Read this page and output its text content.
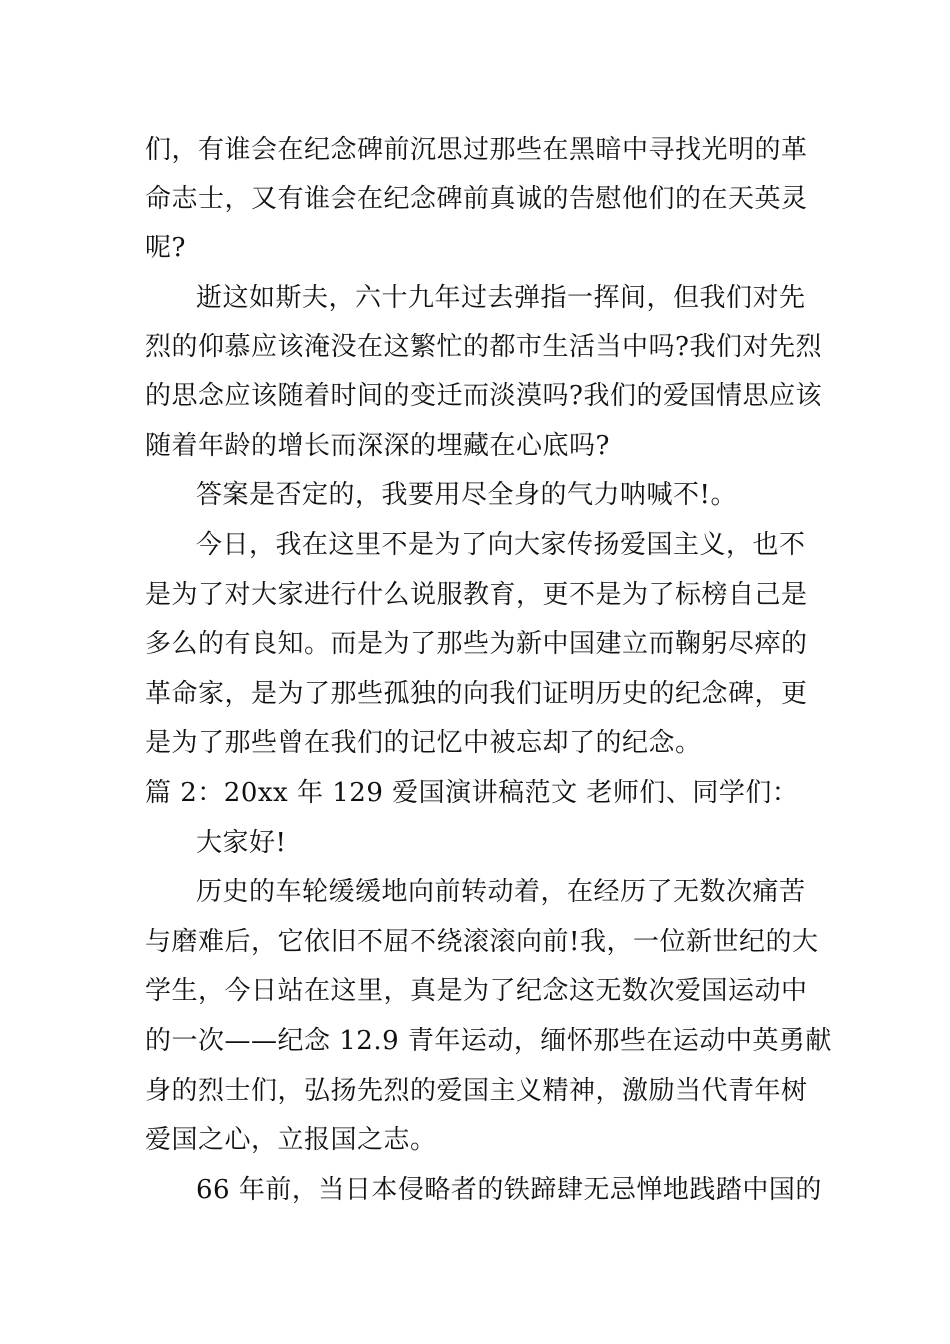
们，有谁会在纪念碑前沉思过那些在黑暗中寻找光明的革
命志士，又有谁会在纪念碑前真诚的告慰他们的在天英灵
呢?
逝这如斯夫，六十九年过去弹指一挥间，但我们对先
烈的仰慕应该淹没在这繁忙的都市生活当中吗?我们对先烈
的思念应该随着时间的变迁而淡漠吗?我们的爱国情思应该
随着年龄的增长而深深的埋藏在心底吗?
答案是否定的，我要用尽全身的气力呐喊不!。
今日，我在这里不是为了向大家传扬爱国主义，也不
是为了对大家进行什么说服教育，更不是为了标榜自己是
多么的有良知。而是为了那些为新中国建立而鞠躬尽瘁的
革命家，是为了那些孤独的向我们证明历史的纪念碑，更
是为了那些曾在我们的记忆中被忘却了的纪念。
篇 2：20xx 年 129 爱国演讲稿范文 老师们、同学们：
大家好!
历史的车轮缓缓地向前转动着，在经历了无数次痛苦
与磨难后，它依旧不屈不绕滚滚向前!我，一位新世纪的大
学生，今日站在这里，真是为了纪念这无数次爱国运动中
的一次——纪念 12.9 青年运动，缅怀那些在运动中英勇献
身的烈士们，弘扬先烈的爱国主义精神，激励当代青年树
爱国之心，立报国之志。
66 年前，当日本侵略者的铁蹄肆无忌惮地践踏中国的
